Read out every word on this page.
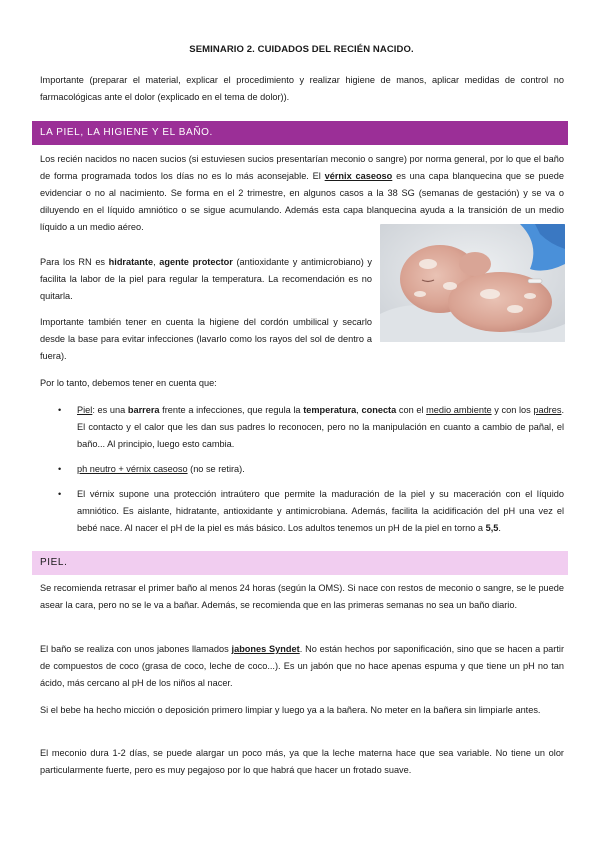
SEMINARIO 2. CUIDADOS DEL RECIÉN NACIDO.

Importante (preparar el material, explicar el procedimiento y realizar higiene de manos, aplicar medidas de control no farmacológicas ante el dolor (explicado en el tema de dolor)).

LA PIEL, LA HIGIENE Y EL BAÑO.

Los recién nacidos no nacen sucios (si estuviesen sucios presentarían meconio o sangre) por norma general, por lo que el baño de forma programada todos los días no es lo más aconsejable. El vérnix caseoso es una capa blanquecina que se puede evidenciar o no al nacimiento. Se forma en el 2 trimestre, en algunos casos a la 38 SG (semanas de gestación) y se va o diluyendo en el líquido amniótico o se sigue acumulando. Además esta capa blanquecina ayuda a la transición de un medio líquido a un medio aéreo.

Para los RN es hidratante, agente protector (antioxidante y antimicrobiano) y facilita la labor de la piel para regular la temperatura. La recomendación es no quitarla.

Importante también tener en cuenta la higiene del cordón umbilical y secarlo desde la base para evitar infecciones (lavarlo como los rayos del sol de dentro a fuera).

Por lo tanto, debemos tener en cuenta que:

• Piel: es una barrera frente a infecciones, que regula la temperatura, conecta con el medio ambiente y con los padres. El contacto y el calor que les dan sus padres lo reconocen, pero no la manipulación en cuanto a cambio de pañal, el baño... Al principio, luego esto cambia.
• ph neutro + vérnix caseoso (no se retira).
• El vérnix supone una protección intraútero que permite la maduración de la piel y su maceración con el líquido amniótico. Es aislante, hidratante, antioxidante y antimicrobiana. Además, facilita la acidificación del pH una vez el bebé nace. Al nacer el pH de la piel es más básico. Los adultos tenemos un pH de la piel en torno a 5,5.
PIEL.

Se recomienda retrasar el primer baño al menos 24 horas (según la OMS). Si nace con restos de meconio o sangre, se le puede asear la cara, pero no se le va a bañar. Además, se recomienda que en las primeras semanas no sea un baño diario.

El baño se realiza con unos jabones llamados jabones Syndet. No están hechos por saponificación, sino que se hacen a partir de compuestos de coco (grasa de coco, leche de coco...). Es un jabón que no hace apenas espuma y que tiene un pH no tan ácido, más cercano al pH de los niños al nacer.

Si el bebe ha hecho micción o deposición primero limpiar y luego ya a la bañera. No meter en la bañera sin limpiarle antes.

El meconio dura 1-2 días, se puede alargar un poco más, ya que la leche materna hace que sea variable. No tiene un olor particularmente fuerte, pero es muy pegajoso por lo que habrá que hacer un frotado suave.
